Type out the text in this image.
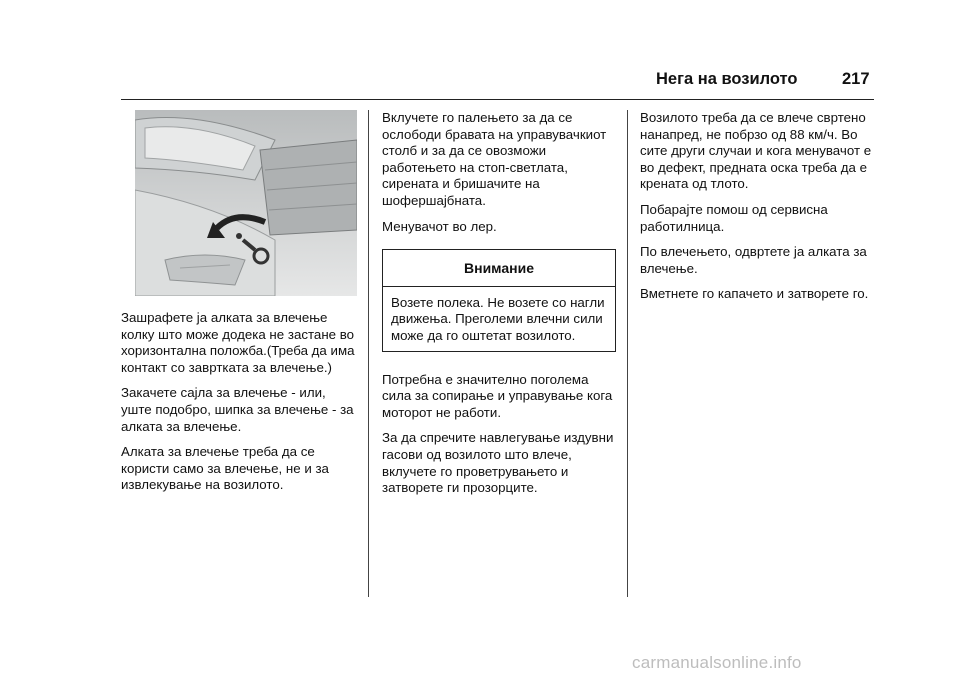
Нега на возилото	217

Зашрафете ја алката за влечење колку што може додека не застане во хоризонтална положба.(Треба да има контакт со завртката за влечење.)

Закачете сајла за влечење - или, уште подобро, шипка за влечење - за алката за влечење.

Алката за влечење треба да се користи само за влечење, не и за извлекување на возилото.

Вклучете го палењето за да се ослободи бравата на управувачкиот столб и за да се овозможи работењето на стоп-светлата, сирената и бришачите на шофершајбната.

Менувачот во лер.

Внимание
Возете полека. Не возете со нагли движења. Преголеми влечни сили може да го оштетат возилото.

Потребна е значително поголема сила за сопирање и управување кога моторот не работи.

За да спречите навлегување издувни гасови од возилото што влече, вклучете го проветрувањето и затворете ги прозорците.

Возилото треба да се влече свртено нанапред, не побрзо од 88 км/ч. Во сите други случаи и кога менувачот е во дефект, предната оска треба да е крената од тлото.

Побарајте помош од сервисна работилница.

По влечењето, одвртете ја алката за влечење.

Вметнете го капачето и затворете го.

carmanualsonline.info
